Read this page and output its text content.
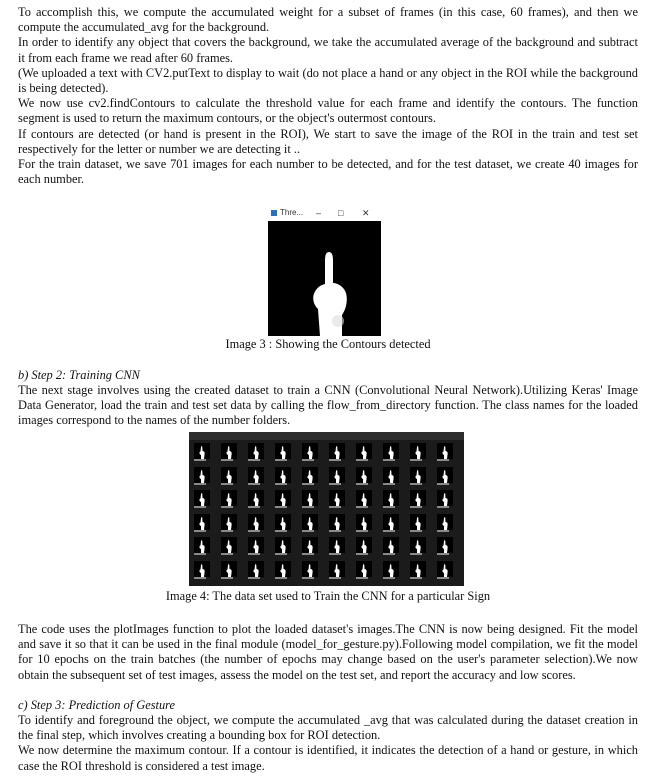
To accomplish this, we compute the accumulated weight for a subset of frames (in this case, 60 frames), and then we compute the accumulated_avg for the background.

In order to identify any object that covers the background, we take the accumulated average of the background and subtract it from each frame we read after 60 frames.

(We uploaded a text with CV2.putText to display to wait (do not place a hand or any object in the ROI while the background is being detected).

We now use cv2.findContours to calculate the threshold value for each frame and identify the contours. The function segment is used to return the maximum contours, or the object's outermost contours.

If contours are detected (or hand is present in the ROI), We start to save the image of the ROI in the train and test set respectively for the letter or number we are detecting it ..

For the train dataset, we save 701 images for each number to be detected, and for the test dataset, we create 40 images for each number.

Thre... – □ ✕

Image 3 : Showing the Contours detected

b) Step 2: Training CNN

The next stage involves using the created dataset to train a CNN (Convolutional Neural Network).Utilizing Keras' Image Data Generator, load the train and test set data by calling the flow_from_directory function. The class names for the loaded images correspond to the names of the number folders.

Image 4: The data set used to Train the CNN for a particular Sign

The code uses the plotImages function to plot the loaded dataset's images.The CNN is now being designed. Fit the model and save it so that it can be used in the final module (model_for_gesture.py).Following model compilation, we fit the model for 10 epochs on the train batches (the number of epochs may change based on the user's parameter selection).We now obtain the subsequent set of test images, assess the model on the test set, and report the accuracy and low scores.

c) Step 3: Prediction of Gesture

To identify and foreground the object, we compute the accumulated _avg that was calculated during the dataset creation in the final step, which involves creating a bounding box for ROI detection.

We now determine the maximum contour. If a contour is identified, it indicates the detection of a hand or gesture, in which case the ROI threshold is considered a test image.
